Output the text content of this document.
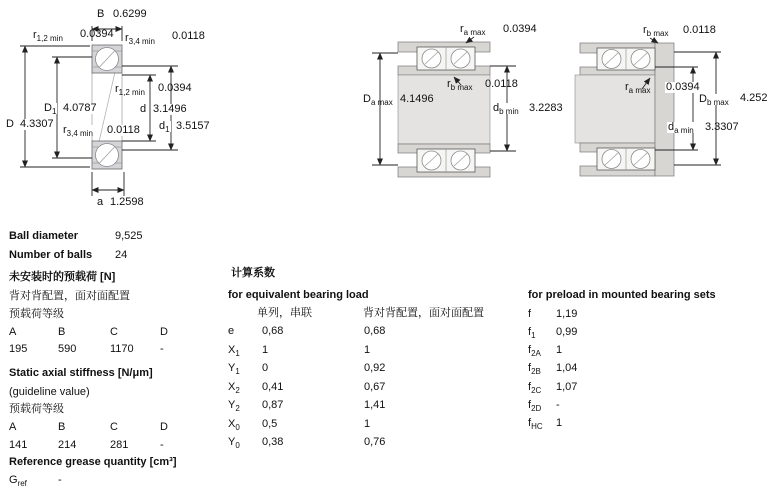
B 0.6299
$r_{1,2 min}$ 0.0394 $r_{3,4 min}$ 0.0118
$r_{1,2 min}$ 0.0394
$D_1$ 4.0787	d 3.1496
D 4.3307	$d_1$ 3.5157
$r_{3,4 min}$ 0.0118
a 1.2598
$r_{a max}$ 0.0394
$r_{b max}$ 0.0118
$D_{a max}$ 4.1496
$d_{b min}$ 3.2283
$r_{b max}$ 0.0118
$r_{a max}$ 0.0394
$D_{b max}$ 4.252
$d_{a min}$ 3.3307
Ball diameter	9,525
Number of balls 24
未安装时的预载荷 [N]
背对背配置，面对面配置
预载荷等级
A	B	C	D
195	590	1170 -
Static axial stiffness [N/μm]
(guideline value)
预载荷等级
A	B	C	D
141	214	281	-
Reference grease quantity [cm³]
$G_{ref}$	-
计算系数
for equivalent bearing load
单列，串联	背对背配置，面对面配置
e	0,68	0,68
$X_1$ 1	1
$Y_1$ 0	0,92
$X_2$ 0,41	0,67
$Y_2$ 0,87	1,41
$X_0$ 0,5	1
$Y_0$ 0,38	0,76
for preload in mounted bearing sets
f 1,19
$f_1$ 0,99
$f_{2A}$ 1
$f_{2B}$ 1,04
$f_{2C}$ 1,07
$f_{2D}$ -
$f_{HC}$ 1
